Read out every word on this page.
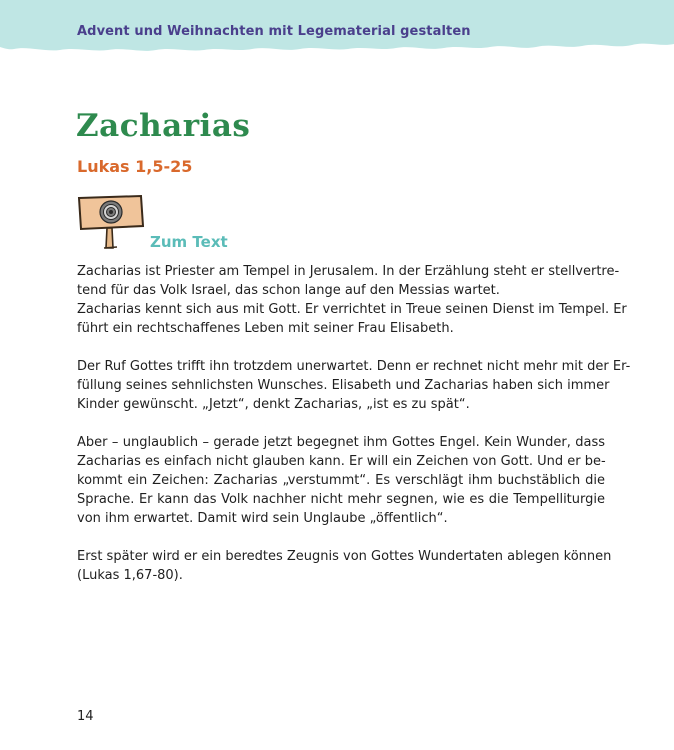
Advent und Weihnachten mit Legematerial gestalten
Zacharias
Lukas 1,5-25
Zum Text
Zacharias ist Priester am Tempel in Jerusalem. In der Erzählung steht er stellvertre-
tend für das Volk Israel, das schon lange auf den Messias wartet.
Zacharias kennt sich aus mit Gott. Er verrichtet in Treue seinen Dienst im Tempel. Er
führt ein rechtschaffenes Leben mit seiner Frau Elisabeth.
Der Ruf Gottes trifft ihn trotzdem unerwartet. Denn er rechnet nicht mehr mit der Er-
füllung seines sehnlichsten Wunsches. Elisabeth und Zacharias haben sich immer
Kinder gewünscht. „Jetzt“, denkt Zacharias, „ist es zu spät“.
Aber – unglaublich – gerade jetzt begegnet ihm Gottes Engel. Kein Wunder, dass
Zacharias es einfach nicht glauben kann. Er will ein Zeichen von Gott. Und er be-
kommt ein Zeichen: Zacharias „verstummt“. Es verschlägt ihm buchstäblich die
Sprache. Er kann das Volk nachher nicht mehr segnen, wie es die Tempelliturgie
von ihm erwartet. Damit wird sein Unglaube „öffentlich“.
Erst später wird er ein beredtes Zeugnis von Gottes Wundertaten ablegen können
(Lukas 1,67-80).
14
